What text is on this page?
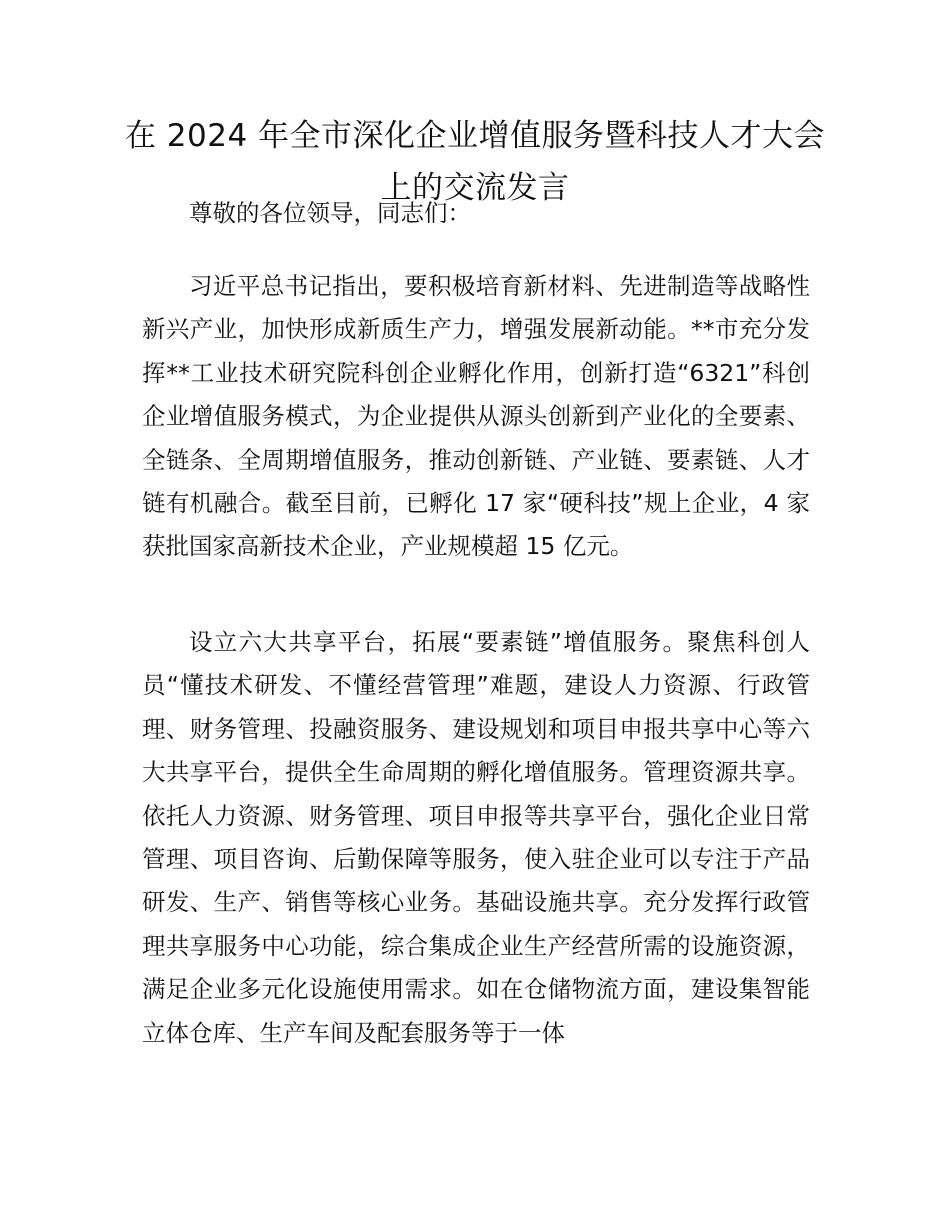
在 2024 年全市深化企业增值服务暨科技人才大会上的交流发言

尊敬的各位领导，同志们：

习近平总书记指出，要积极培育新材料、先进制造等战略性新兴产业，加快形成新质生产力，增强发展新动能。**市充分发挥**工业技术研究院科创企业孵化作用，创新打造“6321”科创企业增值服务模式，为企业提供从源头创新到产业化的全要素、全链条、全周期增值服务，推动创新链、产业链、要素链、人才链有机融合。截至目前，已孵化 17 家“硬科技”规上企业，4 家获批国家高新技术企业，产业规模超 15 亿元。

设立六大共享平台，拓展“要素链”增值服务。聚焦科创人员“懂技术研发、不懂经营管理”难题，建设人力资源、行政管理、财务管理、投融资服务、建设规划和项目申报共享中心等六大共享平台，提供全生命周期的孵化增值服务。管理资源共享。依托人力资源、财务管理、项目申报等共享平台，强化企业日常管理、项目咨询、后勤保障等服务，使入驻企业可以专注于产品研发、生产、销售等核心业务。基础设施共享。充分发挥行政管理共享服务中心功能，综合集成企业生产经营所需的设施资源，满足企业多元化设施使用需求。如在仓储物流方面，建设集智能立体仓库、生产车间及配套服务等于一体
